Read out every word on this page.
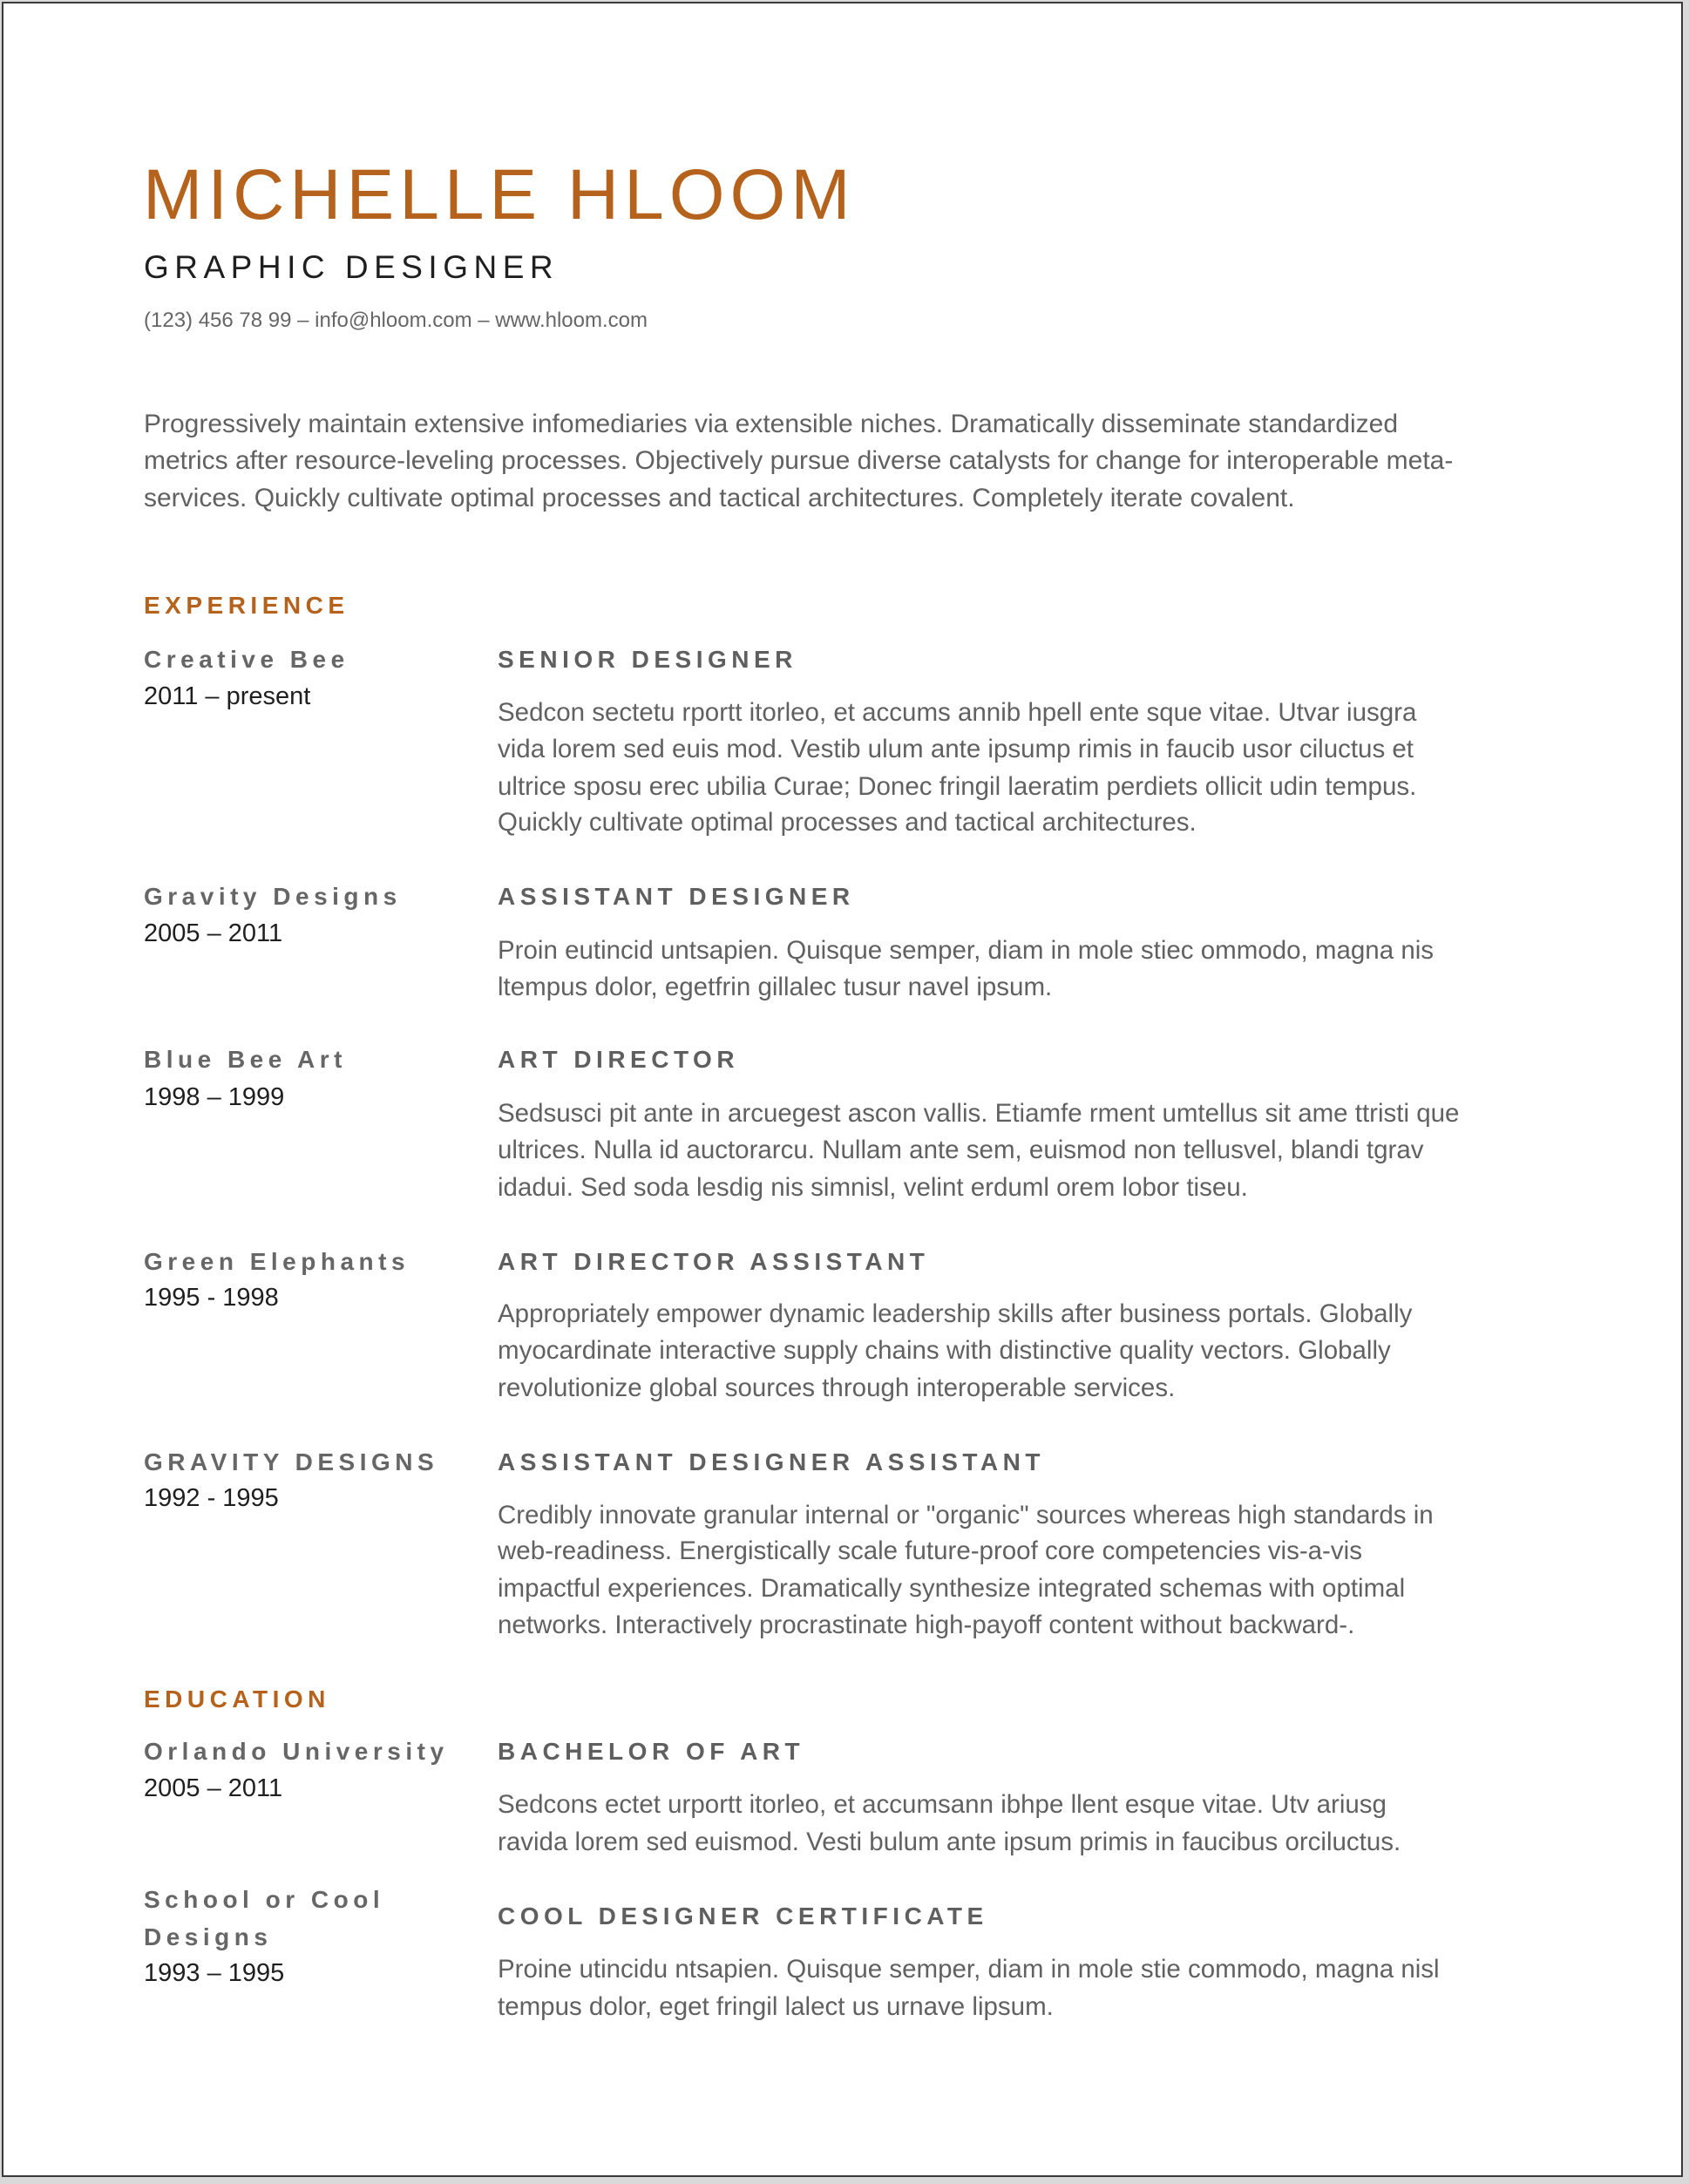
MICHELLE HLOOM
GRAPHIC DESIGNER
(123) 456 78 99 – info@hloom.com – www.hloom.com
Progressively maintain extensive infomediaries via extensible niches. Dramatically disseminate standardized
metrics after resource-leveling processes. Objectively pursue diverse catalysts for change for interoperable meta-
services. Quickly cultivate optimal processes and tactical architectures. Completely iterate covalent.
EXPERIENCE
Creative Bee
2011 – present
SENIOR DESIGNER
Sedcon sectetu rportt itorleo, et accums annib hpell ente sque vitae. Utvar iusgra
vida lorem sed euis mod. Vestib ulum ante ipsump rimis in faucib usor ciluctus et
ultrice sposu erec ubilia Curae; Donec fringil laeratim perdiets ollicit udin tempus.
Quickly cultivate optimal processes and tactical architectures.
Gravity Designs
2005 – 2011
ASSISTANT DESIGNER
Proin eutincid untsapien. Quisque semper, diam in mole stiec ommodo, magna nis
ltempus dolor, egetfrin gillalec tusur navel ipsum.
Blue Bee Art
1998 – 1999
ART DIRECTOR
Sedsusci pit ante in arcuegest ascon vallis. Etiamfe rment umtellus sit ame ttristi que
ultrices. Nulla id auctorarcu. Nullam ante sem, euismod non tellusvel, blandi tgrav
idadui. Sed soda lesdig nis simnisl, velint erduml orem lobor tiseu.
Green Elephants
1995 - 1998
ART DIRECTOR ASSISTANT
Appropriately empower dynamic leadership skills after business portals. Globally
myocardinate interactive supply chains with distinctive quality vectors. Globally
revolutionize global sources through interoperable services.
GRAVITY DESIGNS
1992 - 1995
ASSISTANT DESIGNER ASSISTANT
Credibly innovate granular internal or "organic" sources whereas high standards in
web-readiness. Energistically scale future-proof core competencies vis-a-vis
impactful experiences. Dramatically synthesize integrated schemas with optimal
networks. Interactively procrastinate high-payoff content without backward-.
EDUCATION
Orlando University
2005 – 2011
BACHELOR OF ART
Sedcons ectet urportt itorleo, et accumsann ibhpe llent esque vitae. Utv ariusg
ravida lorem sed euismod. Vesti bulum ante ipsum primis in faucibus orciluctus.
School or Cool
Designs
1993 – 1995
COOL DESIGNER CERTIFICATE
Proine utincidu ntsapien. Quisque semper, diam in mole stie commodo, magna nisl
tempus dolor, eget fringil lalect us urnave lipsum.
